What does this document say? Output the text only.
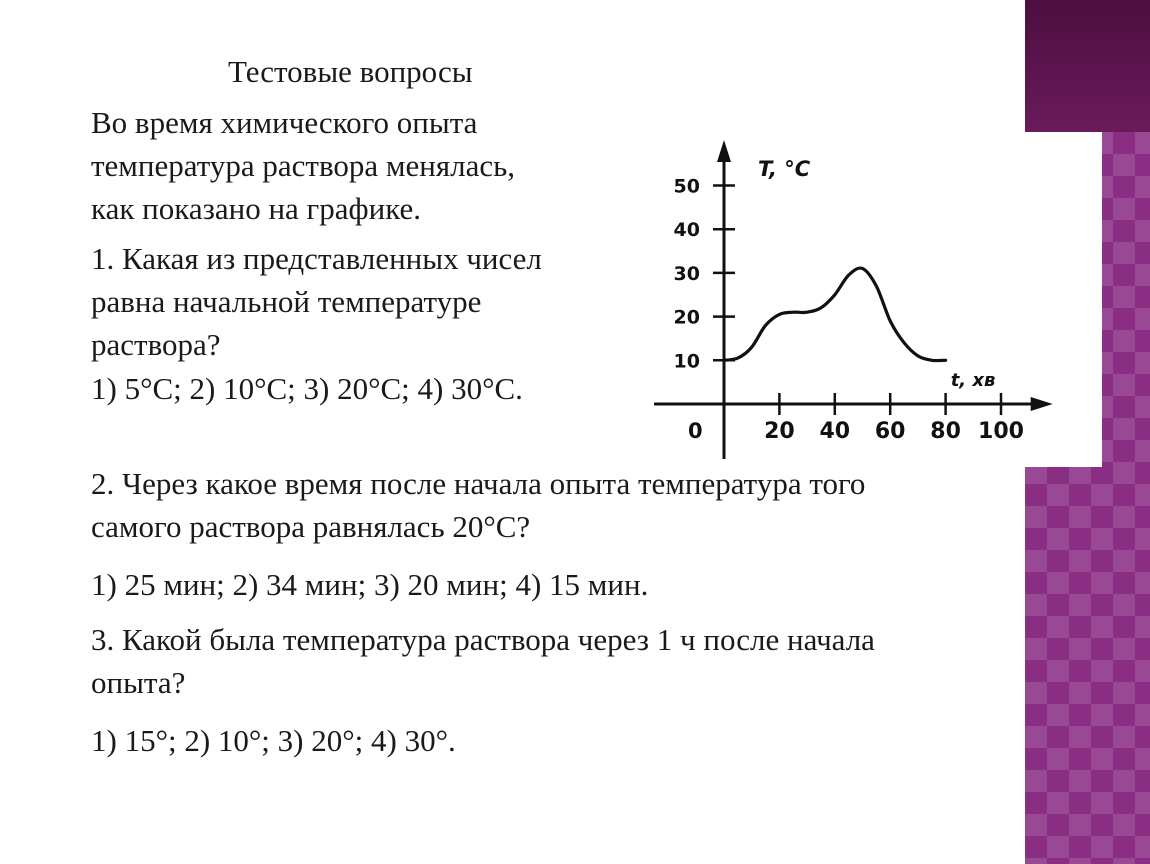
Тестовые вопросы

Во время химического опыта
температура раствора менялась,
как показано на графике.
1. Какая из представленных чисел
равна начальной температуре
раствора?

1) 5°C; 2) 10°C; 3) 20°C; 4) 30°C.

10
20
30
40
50
20 40 60 80 100
T, °C
t, хв
0
2. Через какое время после начала опыта температура того
самого раствора равнялась 20°C?

1) 25 мин; 2) 34 мин; 3) 20 мин; 4) 15 мин.

3. Какой была температура раствора через 1 ч после начала
опыта?

1) 15°; 2) 10°; 3) 20°; 4) 30°.
